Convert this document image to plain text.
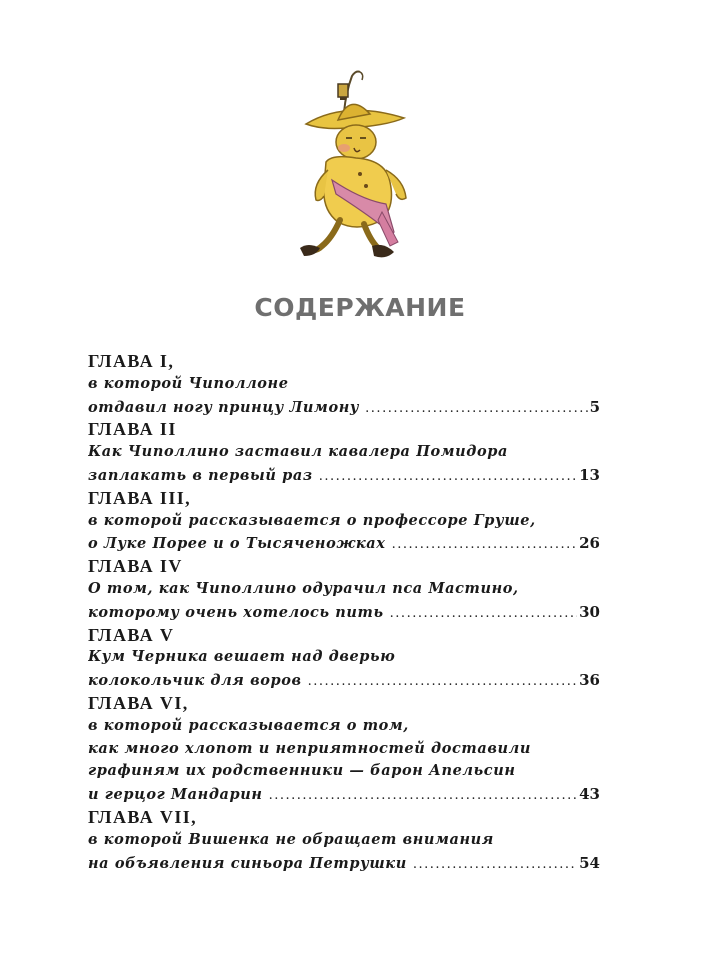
СОДЕРЖАНИЕ
ГЛАВА I,
в которой Чиполлоне
отдавил ногу принцу Лимону .....	5
ГЛАВА II
Как Чиполлино заставил кавалера Помидора
заплакать в первый раз .....	13
ГЛАВА III,
в которой рассказывается о профессоре Груше,
о Луке Порее и о Тысяченожках .....	26
ГЛАВА IV
О том, как Чиполлино одурачил пса Мастино,
которому очень хотелось пить .....	30
ГЛАВА V
Кум Черника вешает над дверью
колокольчик для воров .....	36
ГЛАВА VI,
в которой рассказывается о том,
как много хлопот и неприятностей доставили
графиням их родственники — барон Апельсин
и герцог Мандарин .....	43
ГЛАВА VII,
в которой Вишенка не обращает внимания
на объявления синьора Петрушки .....	54
